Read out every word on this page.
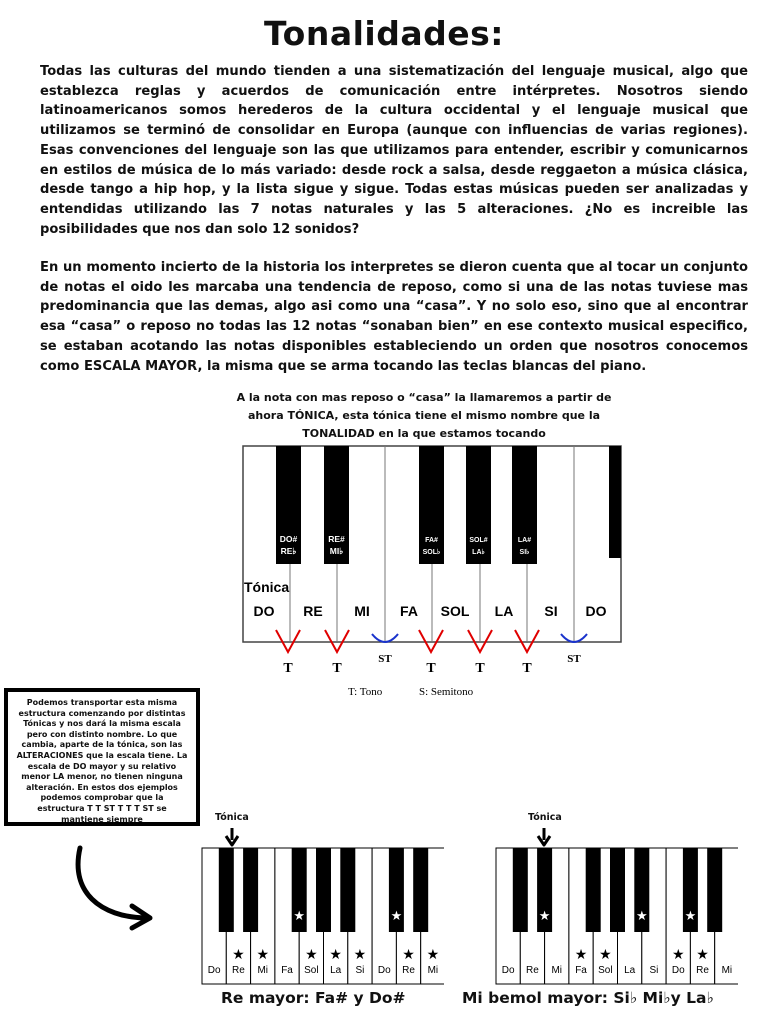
Tonalidades:

Todas las culturas del mundo tienden a una sistematización del lenguaje musical, algo que establezca reglas y acuerdos de comunicación entre intérpretes. Nosotros siendo latinoamericanos somos herederos de la cultura occidental y el lenguaje musical que utilizamos se terminó de consolidar en Europa (aunque con influencias de varias regiones). Esas convenciones del lenguaje son las que utilizamos para entender, escribir y comunicarnos en estilos de música de lo más variado: desde rock a salsa, desde reggaeton a música clásica, desde tango a hip hop, y la lista sigue y sigue. Todas estas músicas pueden ser analizadas y entendidas utilizando las 7 notas naturales y las 5 alteraciones. ¿No es increible las posibilidades que nos dan solo 12 sonidos?

En un momento incierto de la historia los interpretes se dieron cuenta que al tocar un conjunto de notas el oido les marcaba una tendencia de reposo, como si una de las notas tuviese mas predominancia que las demas, algo asi como una “casa”. Y no solo eso, sino que al encontrar esa “casa” o reposo no todas las 12 notas “sonaban bien” en ese contexto musical especifico, se estaban acotando las notas disponibles estableciendo un orden que nosotros conocemos como ESCALA MAYOR, la misma que se arma tocando las teclas blancas del piano.

A la nota con mas reposo o “casa” la llamaremos a partir de ahora TÓNICA, esta tónica tiene el mismo nombre que la TONALIDAD en la que estamos tocando
DO#
RE♭
RE#
MI♭
FA#
SOL♭
SOL#
LA♭
LA#
SI♭
Tónica
DO RE MI FA SOL LA SI DO
T	T
ST
T	T	T
ST
T: Tono	S: Semitono
Podemos transportar esta misma estructura comenzando por distintas Tónicas y nos dará la misma escala pero con distinto nombre. Lo que cambia, aparte de la tónica, son las ALTERACIONES que la escala tiene. La escala de DO mayor y su relativo menor LA menor, no tienen ninguna alteración. En estos dos ejemplos podemos comprobar que la estructura T T ST T T T ST se mantiene siempre	Tónica
Do Re Mi Fa Sol La Si Do Re Mi
★ ★	★ ★ ★	★ ★
★	★
Re mayor: Fa# y Do#
Tónica
Do Re Mi Fa Sol La Si Do Re Mi
★ ★	★ ★
★	★	★
Mi bemol mayor: Si♭ Mi♭y La♭
